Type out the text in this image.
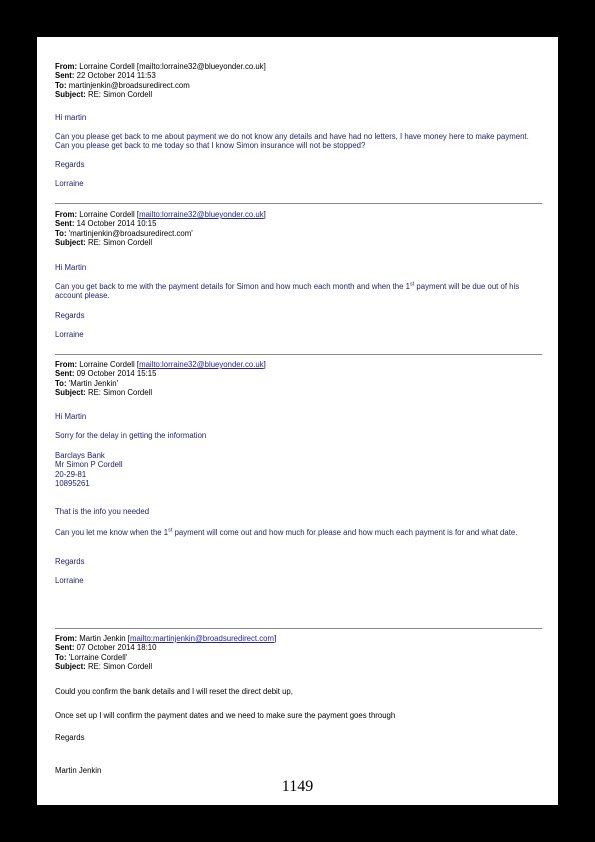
From: Lorraine Cordell [mailto:lorraine32@blueyonder.co.uk]

Sent: 22 October 2014 11:53

To: martinjenkin@broadsuredirect.com

Subject: RE: Simon Cordell

Hi martin
Can you please get back to me about payment we do not know any details and have had no letters, I have money here to make payment. Can you please get back to me today so that I know Simon insurance will not be stopped?
Regards
Lorraine

From: Lorraine Cordell [mailto:lorraine32@blueyonder.co.uk]

Sent: 14 October 2014 10:15

To: 'martinjenkin@broadsuredirect.com'

Subject: RE: Simon Cordell

Hi Martin
Can you get back to me with the payment details for Simon and how much each month and when the 1st payment will be due out of his account please.
Regards
Lorraine

From: Lorraine Cordell [mailto:lorraine32@blueyonder.co.uk]

Sent: 09 October 2014 15:15

To: 'Martin Jenkin'

Subject: RE: Simon Cordell

Hi Martin
Sorry for the delay in getting the information

Barclays Bank

Mr Simon P Cordell

20-29-81

10895261

That is the info you needed
Can you let me know when the 1st payment will come out and how much for please and how much each payment is for and what date.
Regards
Lorraine

From: Martin Jenkin [mailto:martinjenkin@broadsuredirect.com]

Sent: 07 October 2014 18:10

To: 'Lorraine Cordell'

Subject: RE: Simon Cordell

Could you confirm the bank details and I will reset the direct debit up,
Once set up I will confirm the payment dates and we need to make sure the payment goes through
Regards
Martin Jenkin
1149
